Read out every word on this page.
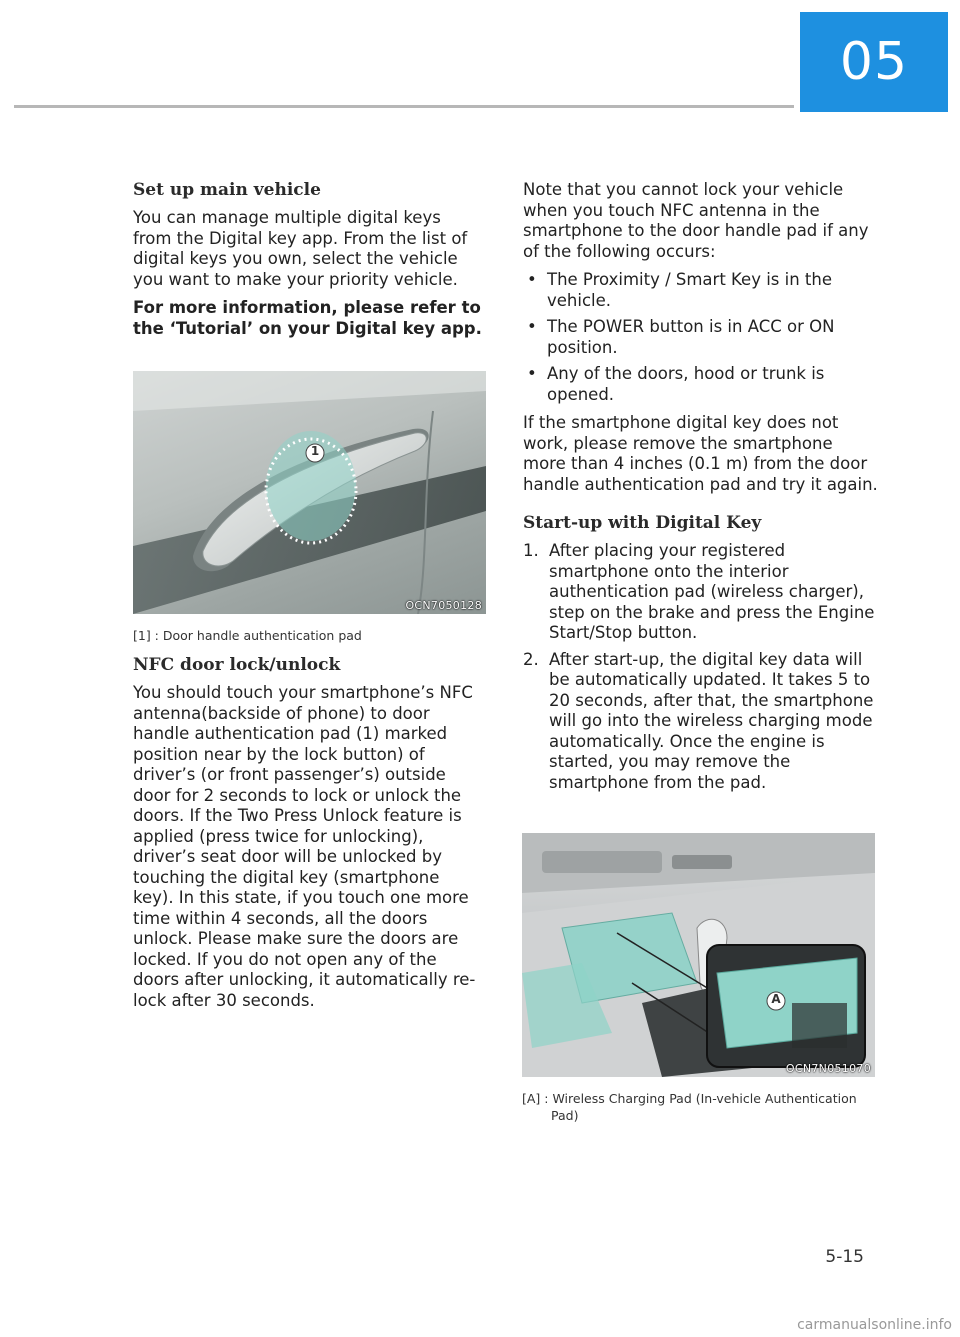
05
Set up main vehicle

You can manage multiple digital keys from the Digital key app. From the list of digital keys you own, select the vehicle you want to make your priority vehicle.

For more information, please refer to the ‘Tutorial’ on your Digital key app.

1
OCN7050128
[1] : Door handle authentication pad
NFC door lock/unlock

You should touch your smartphone’s NFC antenna(backside of phone) to door handle authentication pad (1) marked position near by the lock button) of driver’s (or front passenger’s) outside door for 2 seconds to lock or unlock the doors. If the Two Press Unlock feature is applied (press twice for unlocking), driver’s seat door will be unlocked by touching the digital key (smartphone key). In this state, if you touch one more time within 4 seconds, all the doors unlock. Please make sure the doors are locked. If you do not open any of the doors after unlocking, it automatically re-lock after 30 seconds.

Note that you cannot lock your vehicle when you touch NFC antenna in the smartphone to the door handle pad if any of the following occurs:

• The Proximity / Smart Key is in the vehicle.
• The POWER button is in ACC or ON position.
• Any of the doors, hood or trunk is opened.

If the smartphone digital key does not work, please remove the smartphone more than 4 inches (0.1 m) from the door handle authentication pad and try it again.

Start-up with Digital Key
1. After placing your registered smartphone onto the interior authentication pad (wireless charger), step on the brake and press the Engine Start/Stop button.
2. After start-up, the digital key data will be automatically updated. It takes 5 to 20 seconds, after that, the smartphone will go into the wireless charging mode automatically. Once the engine is started, you may remove the smartphone from the pad.
A
OCN7N051070
[A] : Wireless Charging Pad (In-vehicle Authentication
Pad)
5-15
carmanualsonline.info
